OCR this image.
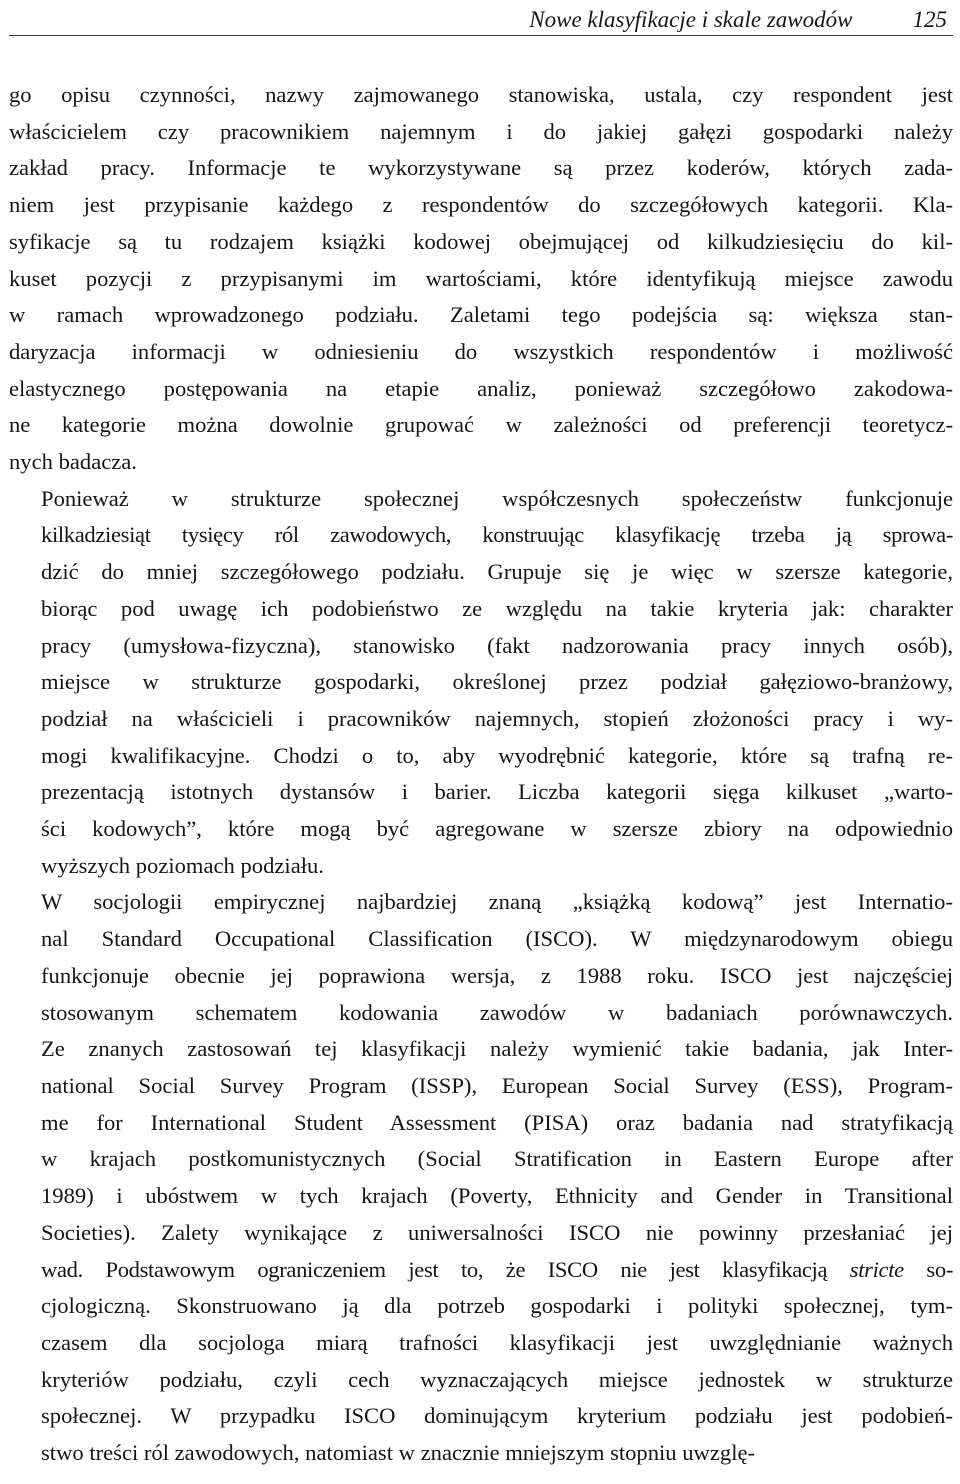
Nowe klasyfikacje i skale zawodów	125

go opisu czynności, nazwy zajmowanego stanowiska, ustala, czy respondent jest
właścicielem czy pracownikiem najemnym i do jakiej gałęzi gospodarki należy
zakład pracy. Informacje te wykorzystywane są przez koderów, których zada-
niem jest przypisanie każdego z respondentów do szczegółowych kategorii. Kla-
syfikacje są tu rodzajem książki kodowej obejmującej od kilkudziesięciu do kil-
kuset pozycji z przypisanymi im wartościami, które identyfikują miejsce zawodu
w ramach wprowadzonego podziału. Zaletami tego podejścia są: większa stan-
daryzacja informacji w odniesieniu do wszystkich respondentów i możliwość
elastycznego postępowania na etapie analiz, ponieważ szczegółowo zakodowa-
ne kategorie można dowolnie grupować w zależności od preferencji teoretycz-
nych badacza.

Ponieważ w strukturze społecznej współczesnych społeczeństw funkcjonuje
kilkadziesiąt tysięcy ról zawodowych, konstruując klasyfikację trzeba ją sprowa-
dzić do mniej szczegółowego podziału. Grupuje się je więc w szersze kategorie,
biorąc pod uwagę ich podobieństwo ze względu na takie kryteria jak: charakter
pracy (umysłowa-fizyczna), stanowisko (fakt nadzorowania pracy innych osób),
miejsce w strukturze gospodarki, określonej przez podział gałęziowo-branżowy,
podział na właścicieli i pracowników najemnych, stopień złożoności pracy i wy-
mogi kwalifikacyjne. Chodzi o to, aby wyodrębnić kategorie, które są trafną re-
prezentacją istotnych dystansów i barier. Liczba kategorii sięga kilkuset „warto-
ści kodowych”, które mogą być agregowane w szersze zbiory na odpowiednio
wyższych poziomach podziału.

W socjologii empirycznej najbardziej znaną „książką kodową” jest Internatio-
nal Standard Occupational Classification (ISCO). W międzynarodowym obiegu
funkcjonuje obecnie jej poprawiona wersja, z 1988 roku. ISCO jest najczęściej
stosowanym schematem kodowania zawodów w badaniach porównawczych.
Ze znanych zastosowań tej klasyfikacji należy wymienić takie badania, jak Inter-
national Social Survey Program (ISSP), European Social Survey (ESS), Program-
me for International Student Assessment (PISA) oraz badania nad stratyfikacją
w krajach postkomunistycznych (Social Stratification in Eastern Europe after
1989) i ubóstwem w tych krajach (Poverty, Ethnicity and Gender in Transitional
Societies). Zalety wynikające z uniwersalności ISCO nie powinny przesłaniać jej
wad. Podstawowym ograniczeniem jest to, że ISCO nie jest klasyfikacją stricte so-
cjologiczną. Skonstruowano ją dla potrzeb gospodarki i polityki społecznej, tym-
czasem dla socjologa miarą trafności klasyfikacji jest uwzględnianie ważnych
kryteriów podziału, czyli cech wyznaczających miejsce jednostek w strukturze
społecznej. W przypadku ISCO dominującym kryterium podziału jest podobień-
stwo treści ról zawodowych, natomiast w znacznie mniejszym stopniu uwzglę-
